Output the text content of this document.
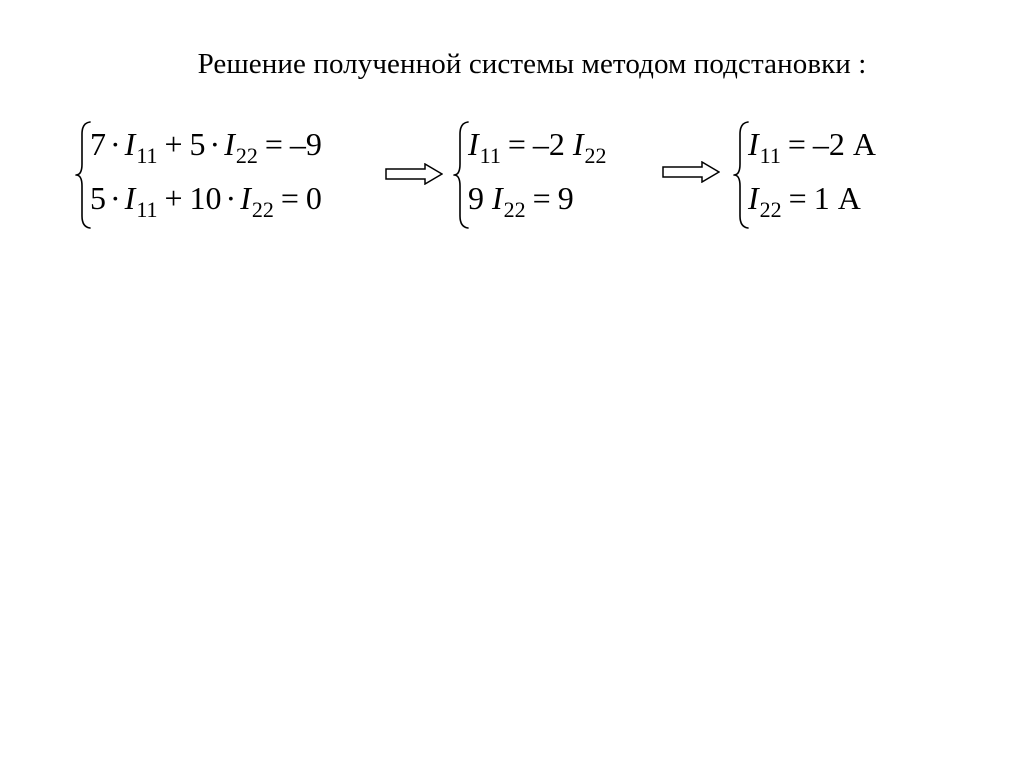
Решение полученной системы методом подстановки :
$7 \cdot I_{11} + 5 \cdot I_{22} = -9$
$5 \cdot I_{11} + 10 \cdot I_{22} = 0$
$I_{11} = -2$ $I_{22}$
9 $I_{22} = 9$
$I_{11} = -2$ A
$I_{22} = 1$ A
